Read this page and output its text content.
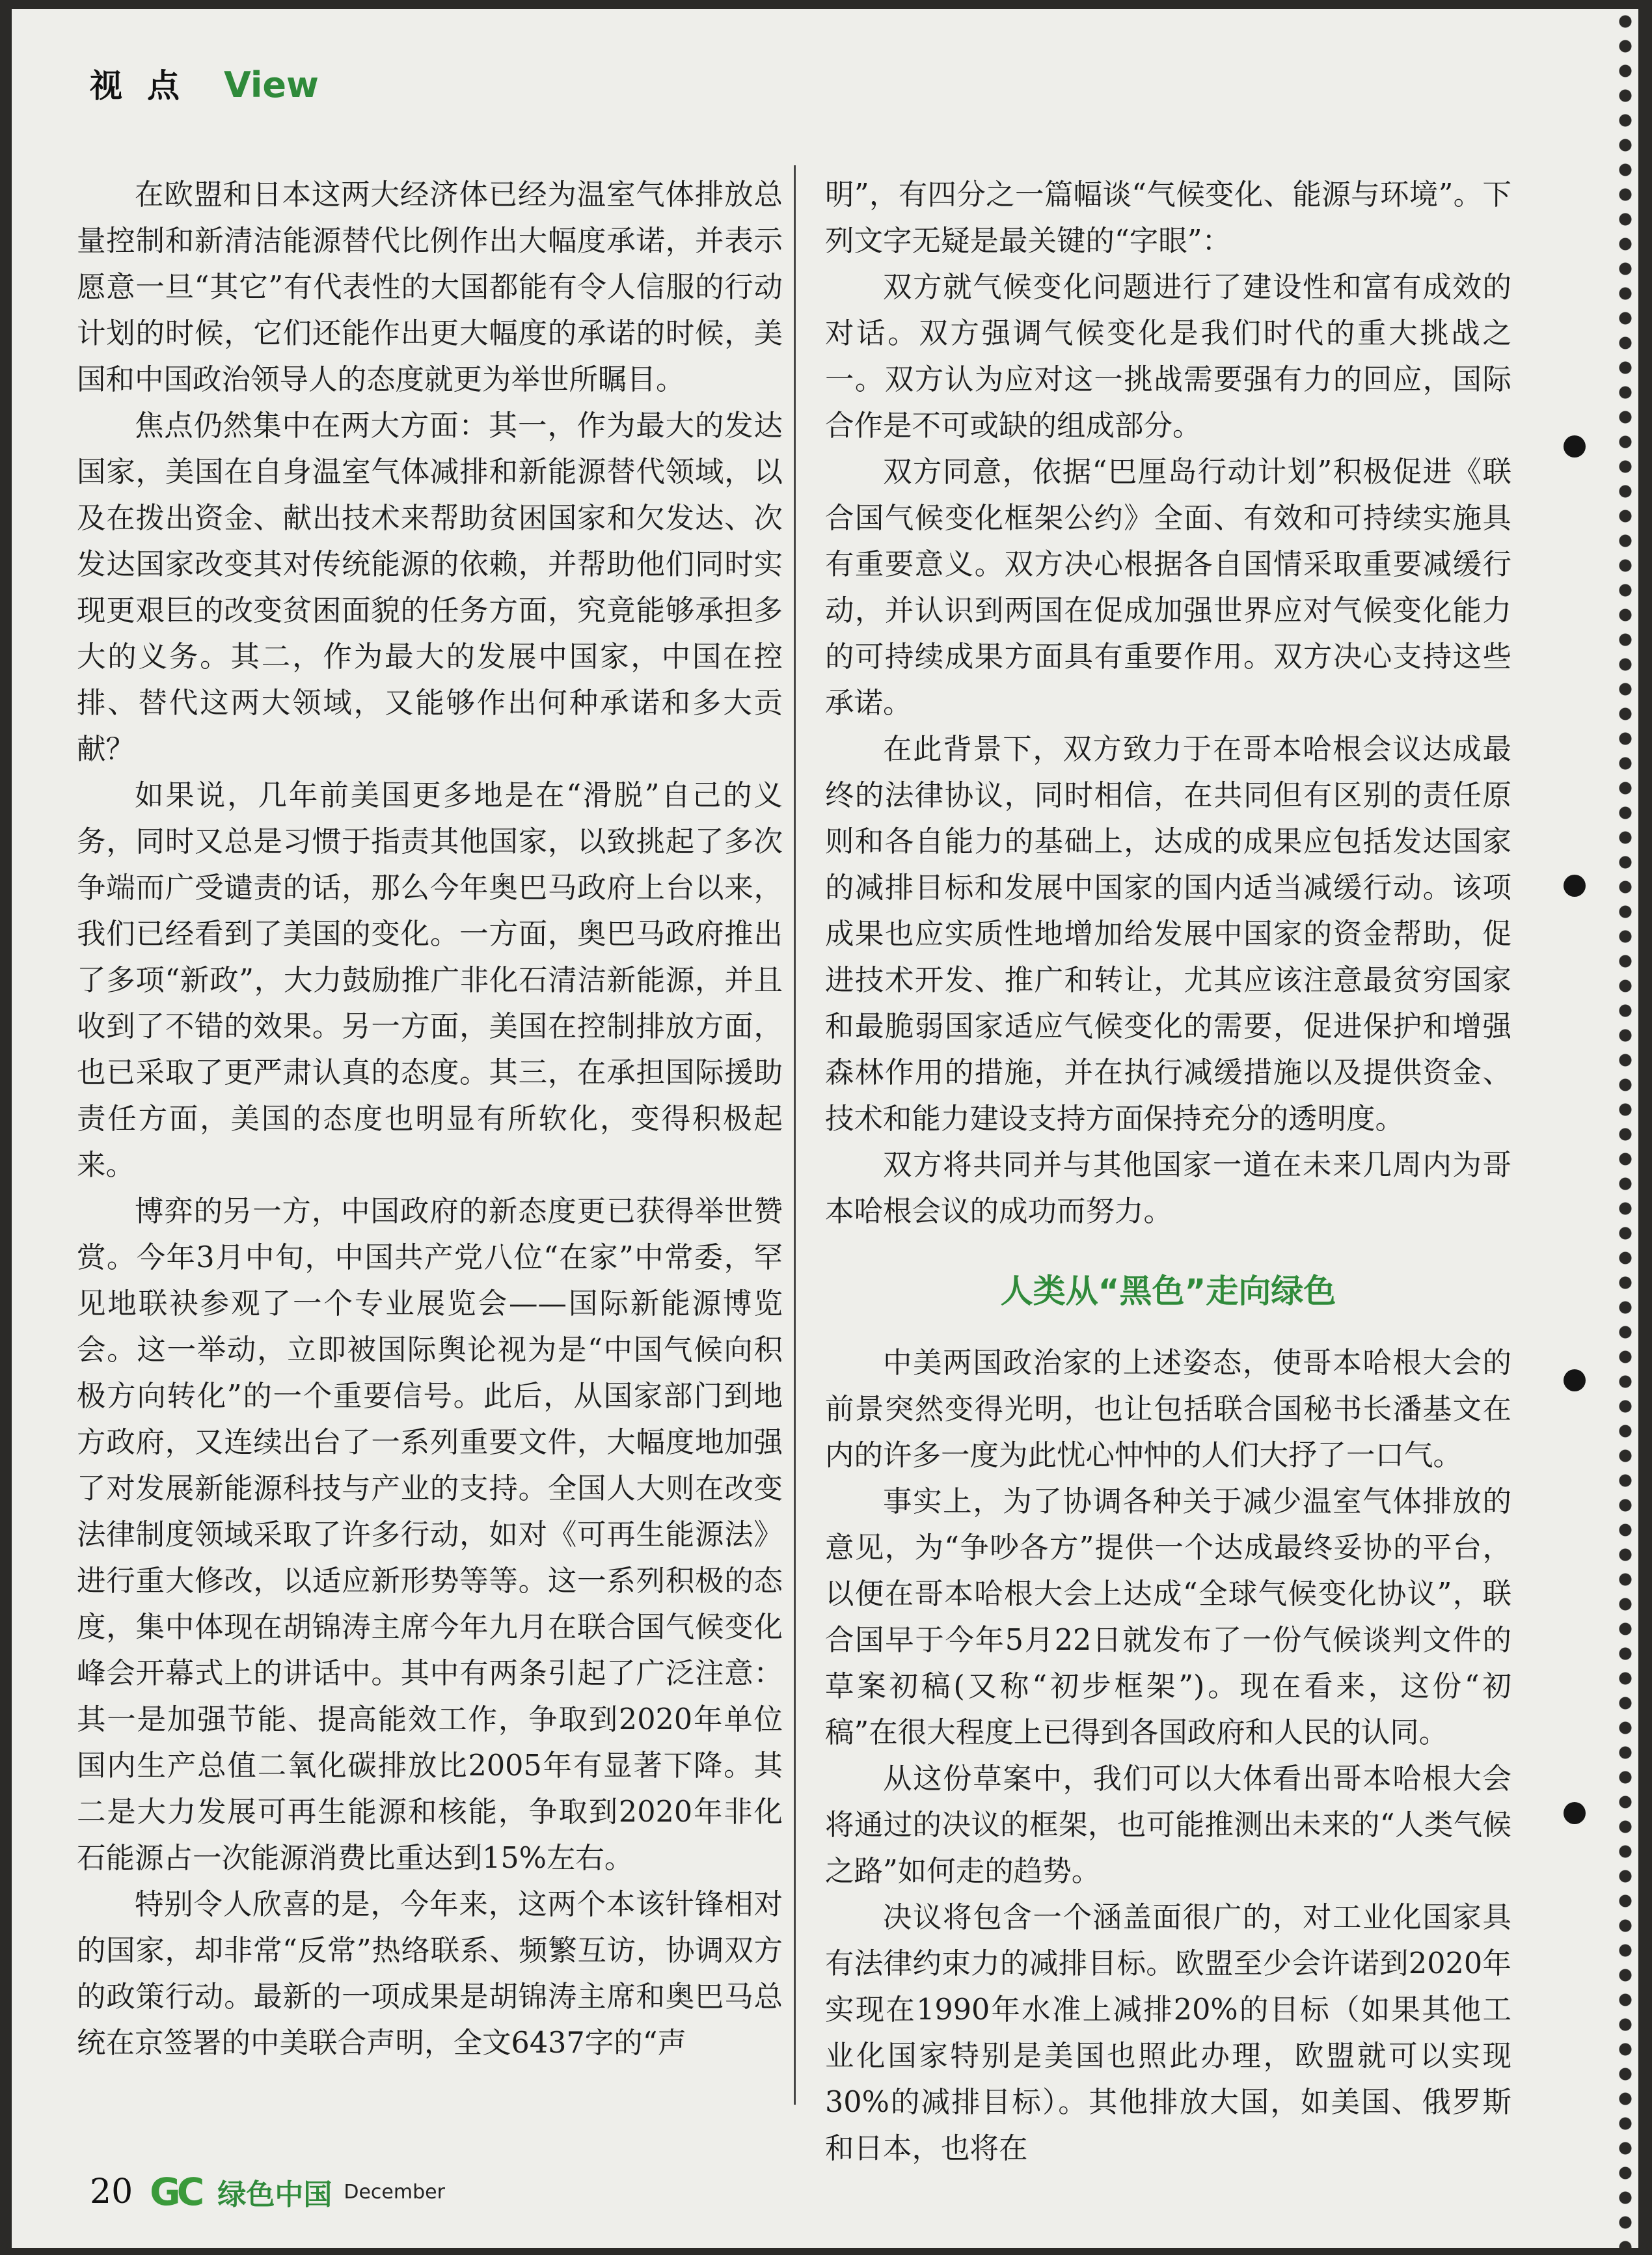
视点 View

在欧盟和日本这两大经济体已经为温室气体排放总量控制和新清洁能源替代比例作出大幅度承诺，并表示愿意一旦“其它”有代表性的大国都能有令人信服的行动计划的时候，它们还能作出更大幅度的承诺的时候，美国和中国政治领导人的态度就更为举世所瞩目。

焦点仍然集中在两大方面：其一，作为最大的发达国家，美国在自身温室气体减排和新能源替代领域，以及在拨出资金、献出技术来帮助贫困国家和欠发达、次发达国家改变其对传统能源的依赖，并帮助他们同时实现更艰巨的改变贫困面貌的任务方面，究竟能够承担多大的义务。其二，作为最大的发展中国家，中国在控排、替代这两大领域，又能够作出何种承诺和多大贡献？

如果说，几年前美国更多地是在“滑脱”自己的义务，同时又总是习惯于指责其他国家，以致挑起了多次争端而广受谴责的话，那么今年奥巴马政府上台以来，我们已经看到了美国的变化。一方面，奥巴马政府推出了多项“新政”，大力鼓励推广非化石清洁新能源，并且收到了不错的效果。另一方面，美国在控制排放方面，也已采取了更严肃认真的态度。其三，在承担国际援助责任方面，美国的态度也明显有所软化，变得积极起来。

博弈的另一方，中国政府的新态度更已获得举世赞赏。今年3月中旬，中国共产党八位“在家”中常委，罕见地联袂参观了一个专业展览会——国际新能源博览会。这一举动，立即被国际舆论视为是“中国气候向积极方向转化”的一个重要信号。此后，从国家部门到地方政府，又连续出台了一系列重要文件，大幅度地加强了对发展新能源科技与产业的支持。全国人大则在改变法律制度领域采取了许多行动，如对《可再生能源法》进行重大修改，以适应新形势等等。这一系列积极的态度，集中体现在胡锦涛主席今年九月在联合国气候变化峰会开幕式上的讲话中。其中有两条引起了广泛注意：其一是加强节能、提高能效工作，争取到2020年单位国内生产总值二氧化碳排放比2005年有显著下降。其二是大力发展可再生能源和核能，争取到2020年非化石能源占一次能源消费比重达到15%左右。

特别令人欣喜的是，今年来，这两个本该针锋相对的国家，却非常“反常”热络联系、频繁互访，协调双方的政策行动。最新的一项成果是胡锦涛主席和奥巴马总统在京签署的中美联合声明，全文6437字的“声

明”，有四分之一篇幅谈“气候变化、能源与环境”。下列文字无疑是最关键的“字眼”：

双方就气候变化问题进行了建设性和富有成效的对话。双方强调气候变化是我们时代的重大挑战之一。双方认为应对这一挑战需要强有力的回应，国际合作是不可或缺的组成部分。

双方同意，依据“巴厘岛行动计划”积极促进《联合国气候变化框架公约》全面、有效和可持续实施具有重要意义。双方决心根据各自国情采取重要减缓行动，并认识到两国在促成加强世界应对气候变化能力的可持续成果方面具有重要作用。双方决心支持这些承诺。

在此背景下，双方致力于在哥本哈根会议达成最终的法律协议，同时相信，在共同但有区别的责任原则和各自能力的基础上，达成的成果应包括发达国家的减排目标和发展中国家的国内适当减缓行动。该项成果也应实质性地增加给发展中国家的资金帮助，促进技术开发、推广和转让，尤其应该注意最贫穷国家和最脆弱国家适应气候变化的需要，促进保护和增强森林作用的措施，并在执行减缓措施以及提供资金、技术和能力建设支持方面保持充分的透明度。

双方将共同并与其他国家一道在未来几周内为哥本哈根会议的成功而努力。

人类从“黑色”走向绿色

中美两国政治家的上述姿态，使哥本哈根大会的前景突然变得光明，也让包括联合国秘书长潘基文在内的许多一度为此忧心忡忡的人们大抒了一口气。

事实上，为了协调各种关于减少温室气体排放的意见，为“争吵各方”提供一个达成最终妥协的平台，以便在哥本哈根大会上达成“全球气候变化协议”，联合国早于今年5月22日就发布了一份气候谈判文件的草案初稿(又称“初步框架”)。现在看来，这份“初稿”在很大程度上已得到各国政府和人民的认同。

从这份草案中，我们可以大体看出哥本哈根大会将通过的决议的框架，也可能推测出未来的“人类气候之路”如何走的趋势。

决议将包含一个涵盖面很广的，对工业化国家具有法律约束力的减排目标。欧盟至少会许诺到2020年实现在1990年水准上减排20%的目标（如果其他工业化国家特别是美国也照此办理，欧盟就可以实现30%的减排目标）。其他排放大国，如美国、俄罗斯和日本，也将在

20 GC 绿色中国 December
